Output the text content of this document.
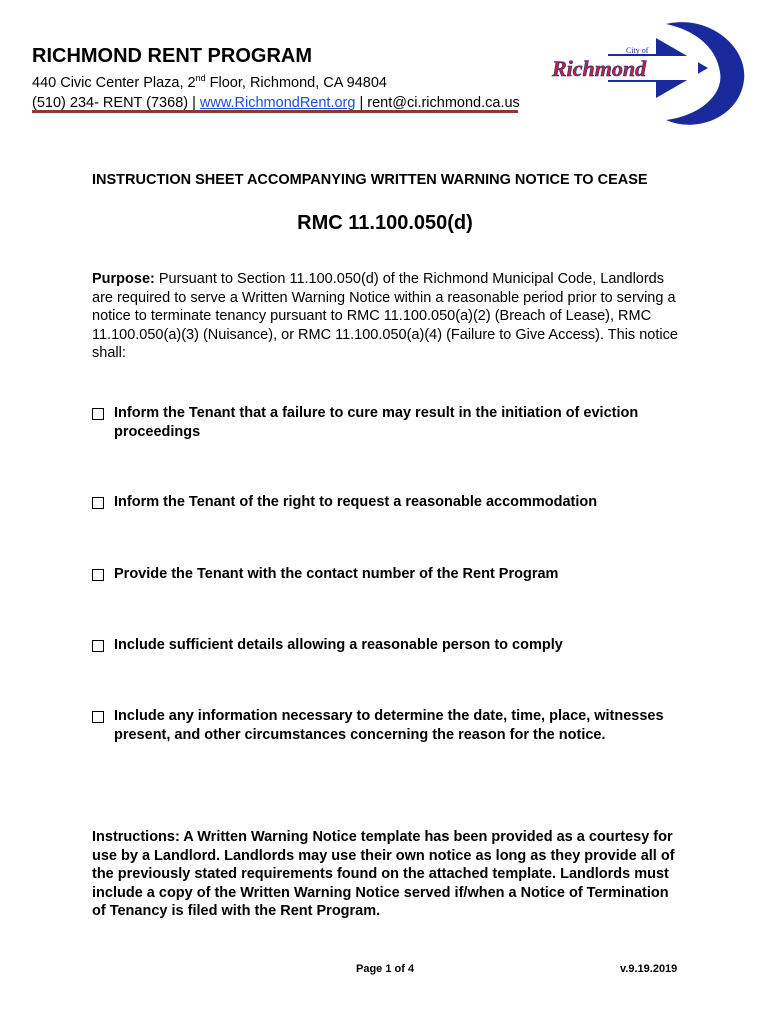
RICHMOND RENT PROGRAM

440 Civic Center Plaza, 2nd Floor, Richmond, CA 94804

(510) 234- RENT (7368) | www.RichmondRent.org | rent@ci.richmond.ca.us

City of
Richmond

INSTRUCTION SHEET ACCOMPANYING WRITTEN WARNING NOTICE TO CEASE

RMC 11.100.050(d)

Purpose: Pursuant to Section 11.100.050(d) of the Richmond Municipal Code, Landlords are required to serve a Written Warning Notice within a reasonable period prior to serving a notice to terminate tenancy pursuant to RMC 11.100.050(a)(2) (Breach of Lease), RMC 11.100.050(a)(3) (Nuisance), or RMC 11.100.050(a)(4) (Failure to Give Access). This notice shall:

Inform the Tenant that a failure to cure may result in the initiation of eviction proceedings
Inform the Tenant of the right to request a reasonable accommodation
Provide the Tenant with the contact number of the Rent Program
Include sufficient details allowing a reasonable person to comply
Include any information necessary to determine the date, time, place, witnesses present, and other circumstances concerning the reason for the notice.

Instructions: A Written Warning Notice template has been provided as a courtesy for use by a Landlord. Landlords may use their own notice as long as they provide all of the previously stated requirements found on the attached template. Landlords must include a copy of the Written Warning Notice served if/when a Notice of Termination of Tenancy is filed with the Rent Program.

Page 1 of 4	v.9.19.2019
